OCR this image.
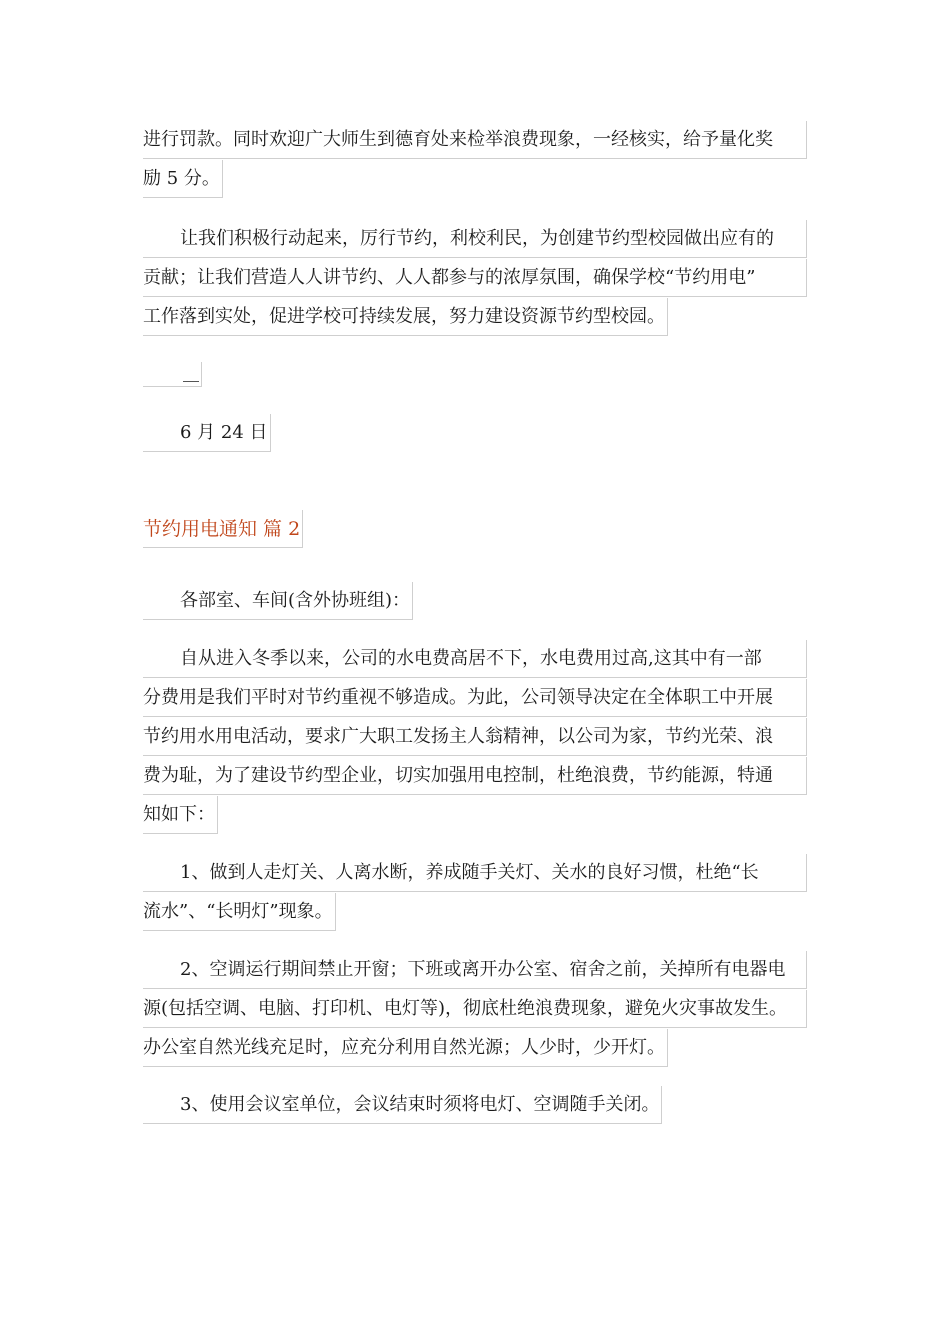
进行罚款。同时欢迎广大师生到德育处来检举浪费现象，一经核实，给予量化奖
励 5 分。
让我们积极行动起来，厉行节约，利校利民，为创建节约型校园做出应有的
贡献；让我们营造人人讲节约、人人都参与的浓厚氛围，确保学校“节约用电”
工作落到实处，促进学校可持续发展，努力建设资源节约型校园。
6 月 24 日
节约用电通知 篇 2
各部室、车间(含外协班组)：
自从进入冬季以来，公司的水电费高居不下，水电费用过高,这其中有一部
分费用是我们平时对节约重视不够造成。为此，公司领导决定在全体职工中开展
节约用水用电活动，要求广大职工发扬主人翁精神，以公司为家，节约光荣、浪
费为耻，为了建设节约型企业，切实加强用电控制，杜绝浪费，节约能源，特通
知如下：
1、做到人走灯关、人离水断，养成随手关灯、关水的良好习惯，杜绝“长
流水”、“长明灯”现象。
2、空调运行期间禁止开窗；下班或离开办公室、宿舍之前，关掉所有电器电
源(包括空调、电脑、打印机、电灯等)，彻底杜绝浪费现象，避免火灾事故发生。
办公室自然光线充足时，应充分利用自然光源；人少时，少开灯。
3、使用会议室单位，会议结束时须将电灯、空调随手关闭。
